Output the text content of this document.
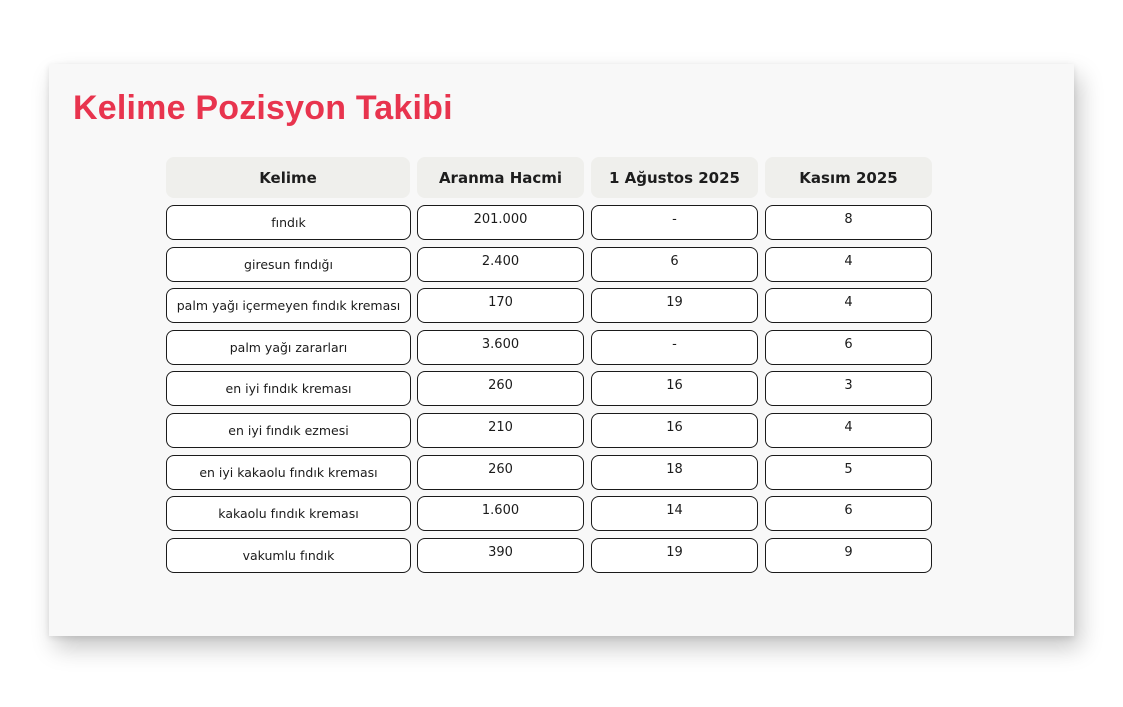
Kelime Pozisyon Takibi
Kelime	Aranma Hacmi	1 Ağustos 2025	Kasım 2025
fındık	201.000	-	8
giresun fındığı	2.400	6	4
palm yağı içermeyen fındık kreması	170	19	4
palm yağı zararları	3.600	-	6
en iyi fındık kreması	260	16	3
en iyi fındık ezmesi	210	16	4
en iyi kakaolu fındık kreması	260	18	5
kakaolu fındık kreması	1.600	14	6
vakumlu fındık	390	19	9
